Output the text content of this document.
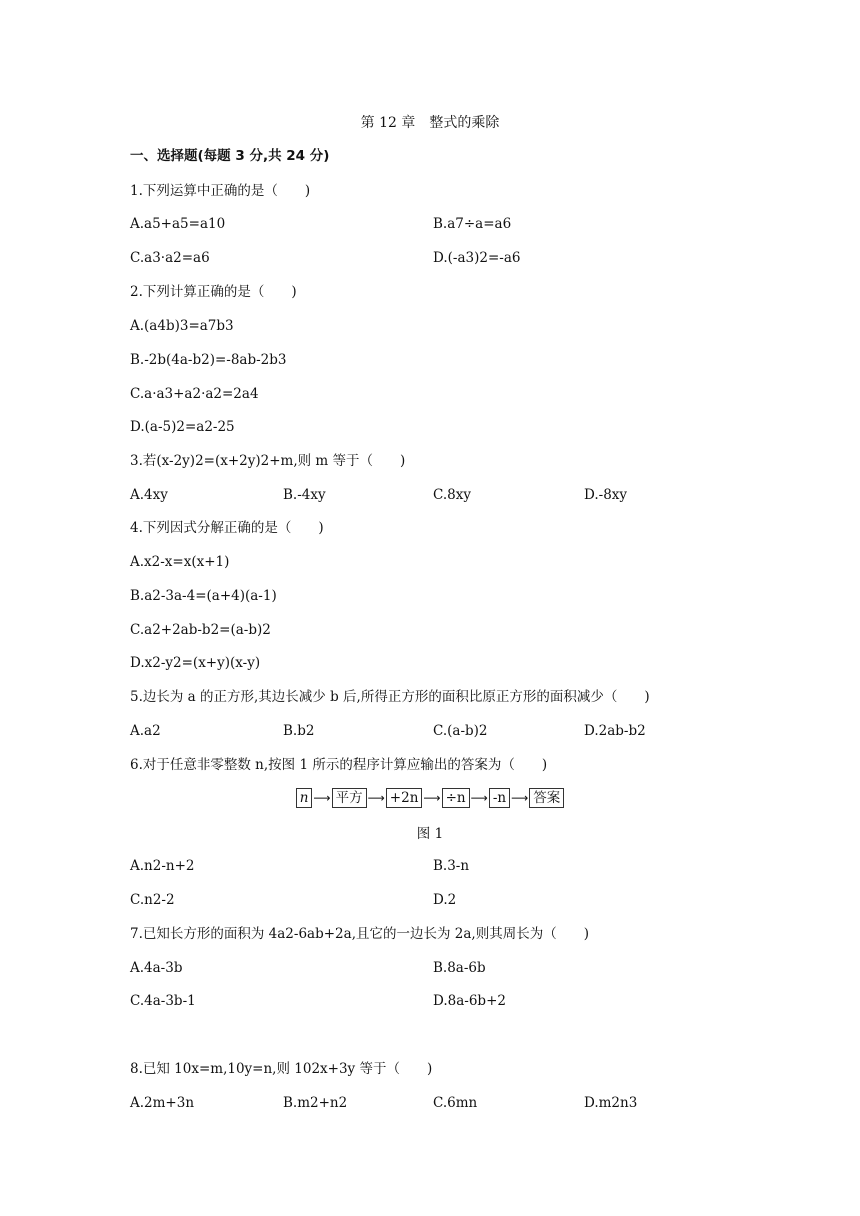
第 12 章　整式的乘除
一、选择题(每题 3 分,共 24 分)
1.下列运算中正确的是（　　)
A.a5+a5=a10	B.a7÷a=a6
C.a3·a2=a6	D.(-a3)2=-a6
2.下列计算正确的是（　　)
A.(a4b)3=a7b3
B.-2b(4a-b2)=-8ab-2b3
C.a·a3+a2·a2=2a4
D.(a-5)2=a2-25
3.若(x-2y)2=(x+2y)2+m,则 m 等于（　　)
A.4xy	B.-4xy	C.8xy	D.-8xy
4.下列因式分解正确的是（　　)
A.x2-x=x(x+1)
B.a2-3a-4=(a+4)(a-1)
C.a2+2ab-b2=(a-b)2
D.x2-y2=(x+y)(x-y)
5.边长为 a 的正方形,其边长减少 b 后,所得正方形的面积比原正方形的面积减少（　　)
A.a2	B.b2	C.(a-b)2	D.2ab-b2
6.对于任意非零整数 n,按图 1 所示的程序计算应输出的答案为（　　)
n ⟶ 平方 ⟶ +2n ⟶ ÷n ⟶ -n ⟶ 答案
图 1
A.n2-n+2	B.3-n
C.n2-2	D.2
7.已知长方形的面积为 4a2-6ab+2a,且它的一边长为 2a,则其周长为（　　)
A.4a-3b	B.8a-6b
C.4a-3b-1	D.8a-6b+2
8.已知 10x=m,10y=n,则 102x+3y 等于（　　)
A.2m+3n	B.m2+n2	C.6mn	D.m2n3
